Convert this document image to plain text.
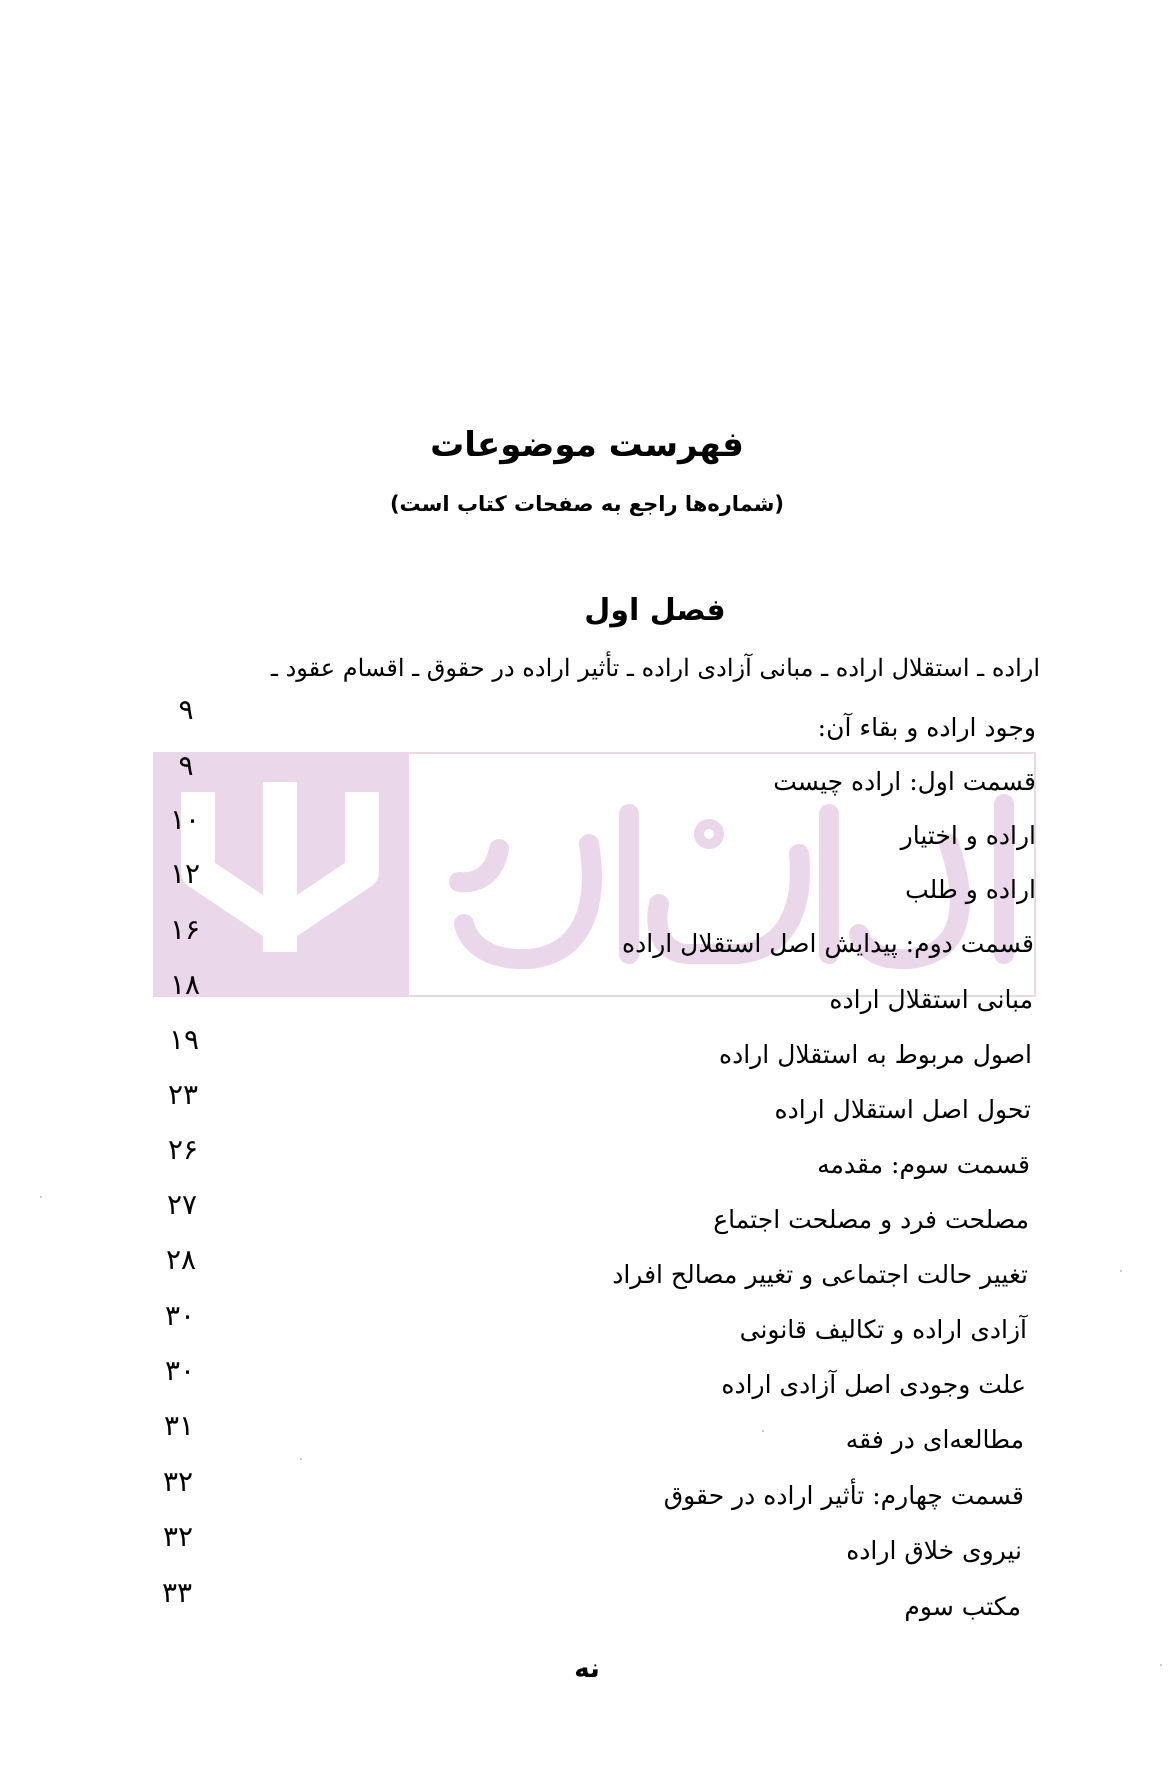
فهرست موضوعات
(شماره‌ها راجع به صفحات کتاب است)
فصل اول
اراده ـ استقلال اراده ـ مبانی آزادی اراده ـ تأثیر اراده در حقوق ـ اقسام عقود ـ
وجود اراده و بقاء آن:
قسمت اول: اراده چیست
اراده و اختیار
اراده و طلب
قسمت دوم: پیدایش اصل استقلال اراده
مبانی استقلال اراده
اصول مربوط به استقلال اراده
تحول اصل استقلال اراده
قسمت سوم: مقدمه
مصلحت فرد و مصلحت اجتماع
تغییر حالت اجتماعی و تغییر مصالح افراد
آزادی اراده و تکالیف قانونی
علت وجودی اصل آزادی اراده
مطالعه‌ای در فقه
قسمت چهارم: تأثیر اراده در حقوق
نیروی خلاق اراده
مکتب سوم
۹
۹
۱۰
۱۲
۱۶
۱۸
۱۹
۲۳
۲۶
۲۷
۲۸
۳۰
۳۰
۳۱
۳۲
۳۲
۳۳
نه
